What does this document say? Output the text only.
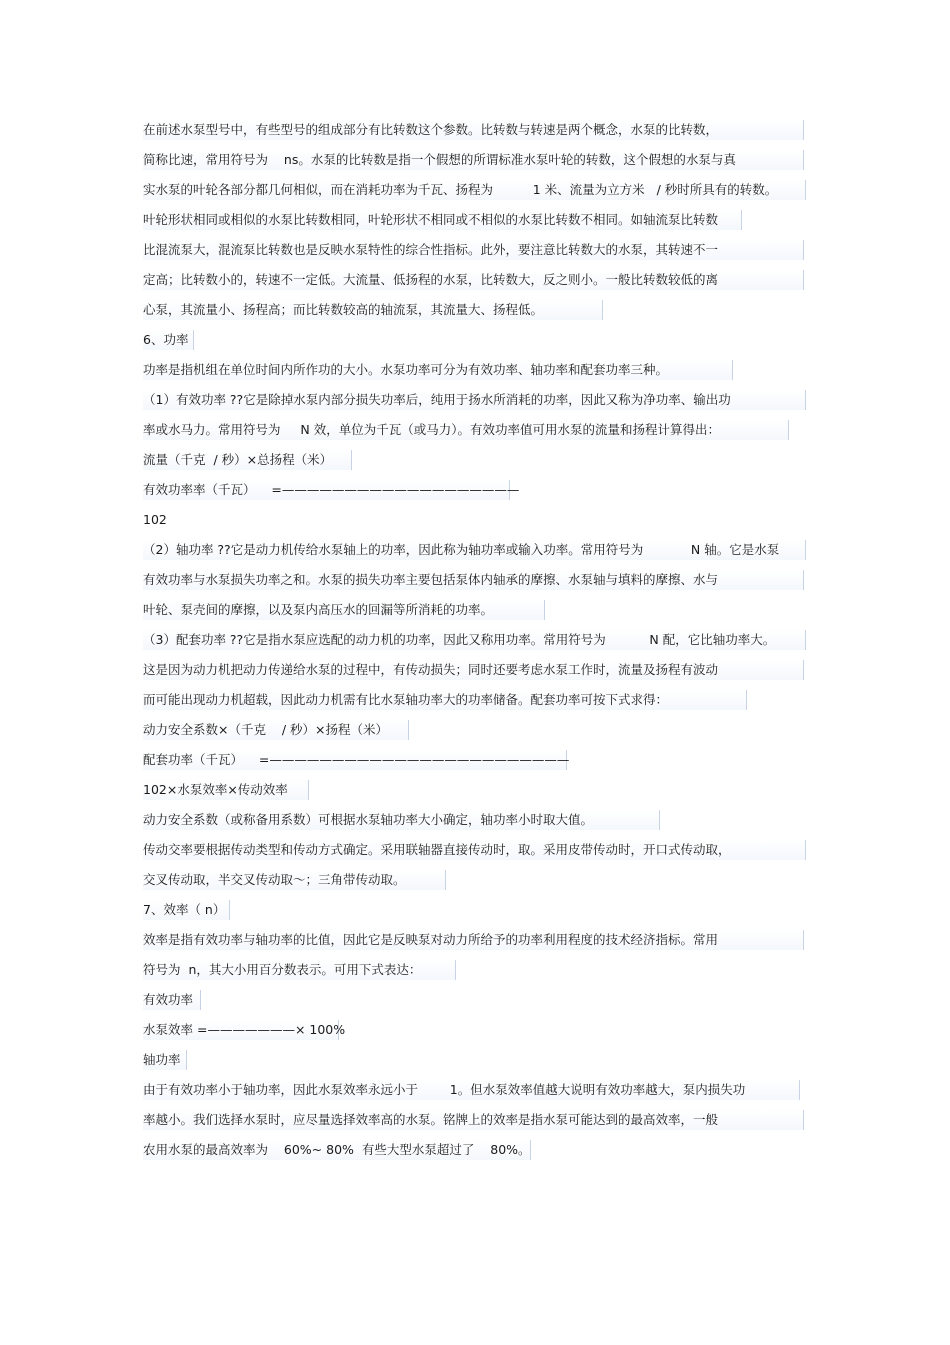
在前述水泵型号中，有些型号的组成部分有比转数这个参数。比转数与转速是两个概念，水泵的比转数，
简称比速，常用符号为    ns。水泵的比转数是指一个假想的所谓标准水泵叶轮的转数，这个假想的水泵与真
实水泵的叶轮各部分都几何相似，而在消耗功率为千瓦、扬程为          1 米、流量为立方米   / 秒时所具有的转数。
叶轮形状相同或相似的水泵比转数相同，叶轮形状不相同或不相似的水泵比转数不相同。如轴流泵比转数
比混流泵大，混流泵比转数也是反映水泵特性的综合性指标。此外，要注意比转数大的水泵，其转速不一
定高；比转数小的，转速不一定低。大流量、低扬程的水泵，比转数大，反之则小。一般比转数较低的离
心泵，其流量小、扬程高；而比转数较高的轴流泵，其流量大、扬程低。
6、功率
功率是指机组在单位时间内所作功的大小。水泵功率可分为有效功率、轴功率和配套功率三种。
（1）有效功率 ??它是除掉水泵内部分损失功率后，纯用于扬水所消耗的功率，因此又称为净功率、输出功
率或水马力。常用符号为     N 效，单位为千瓦（或马力）。有效功率值可用水泵的流量和扬程计算得出：
流量（千克  / 秒）×总扬程（米）
有效功率率（千瓦）    =———————————————————
102
（2）轴功率 ??它是动力机传给水泵轴上的功率，因此称为轴功率或输入功率。常用符号为            N 轴。它是水泵
有效功率与水泵损失功率之和。水泵的损失功率主要包括泵体内轴承的摩擦、水泵轴与填料的摩擦、水与
叶轮、泵壳间的摩擦，以及泵内高压水的回漏等所消耗的功率。
（3）配套功率 ??它是指水泵应选配的动力机的功率，因此又称用功率。常用符号为           N 配，它比轴功率大。
这是因为动力机把动力传递给水泵的过程中，有传动损失；同时还要考虑水泵工作时，流量及扬程有波动
而可能出现动力机超载，因此动力机需有比水泵轴功率大的功率储备。配套功率可按下式求得：
动力安全系数×（千克    / 秒）×扬程（米）
配套功率（千瓦）    =————————————————————————
102×水泵效率×传动效率
动力安全系数（或称备用系数）可根据水泵轴功率大小确定，轴功率小时取大值。
传动交率要根据传动类型和传动方式确定。采用联轴器直接传动时，取。采用皮带传动时，开口式传动取，
交叉传动取，半交叉传动取～；三角带传动取。
7、效率（ n）
效率是指有效功率与轴功率的比值，因此它是反映泵对动力所给予的功率利用程度的技术经济指标。常用
符号为  n，其大小用百分数表示。可用下式表达：
有效功率
水泵效率 =———————× 100%
轴功率
由于有效功率小于轴功率，因此水泵效率永远小于        1。但水泵效率值越大说明有效功率越大，泵内损失功
率越小。我们选择水泵时，应尽量选择效率高的水泵。铭牌上的效率是指水泵可能达到的最高效率，一般
农用水泵的最高效率为    60%~ 80%  有些大型水泵超过了    80%。
